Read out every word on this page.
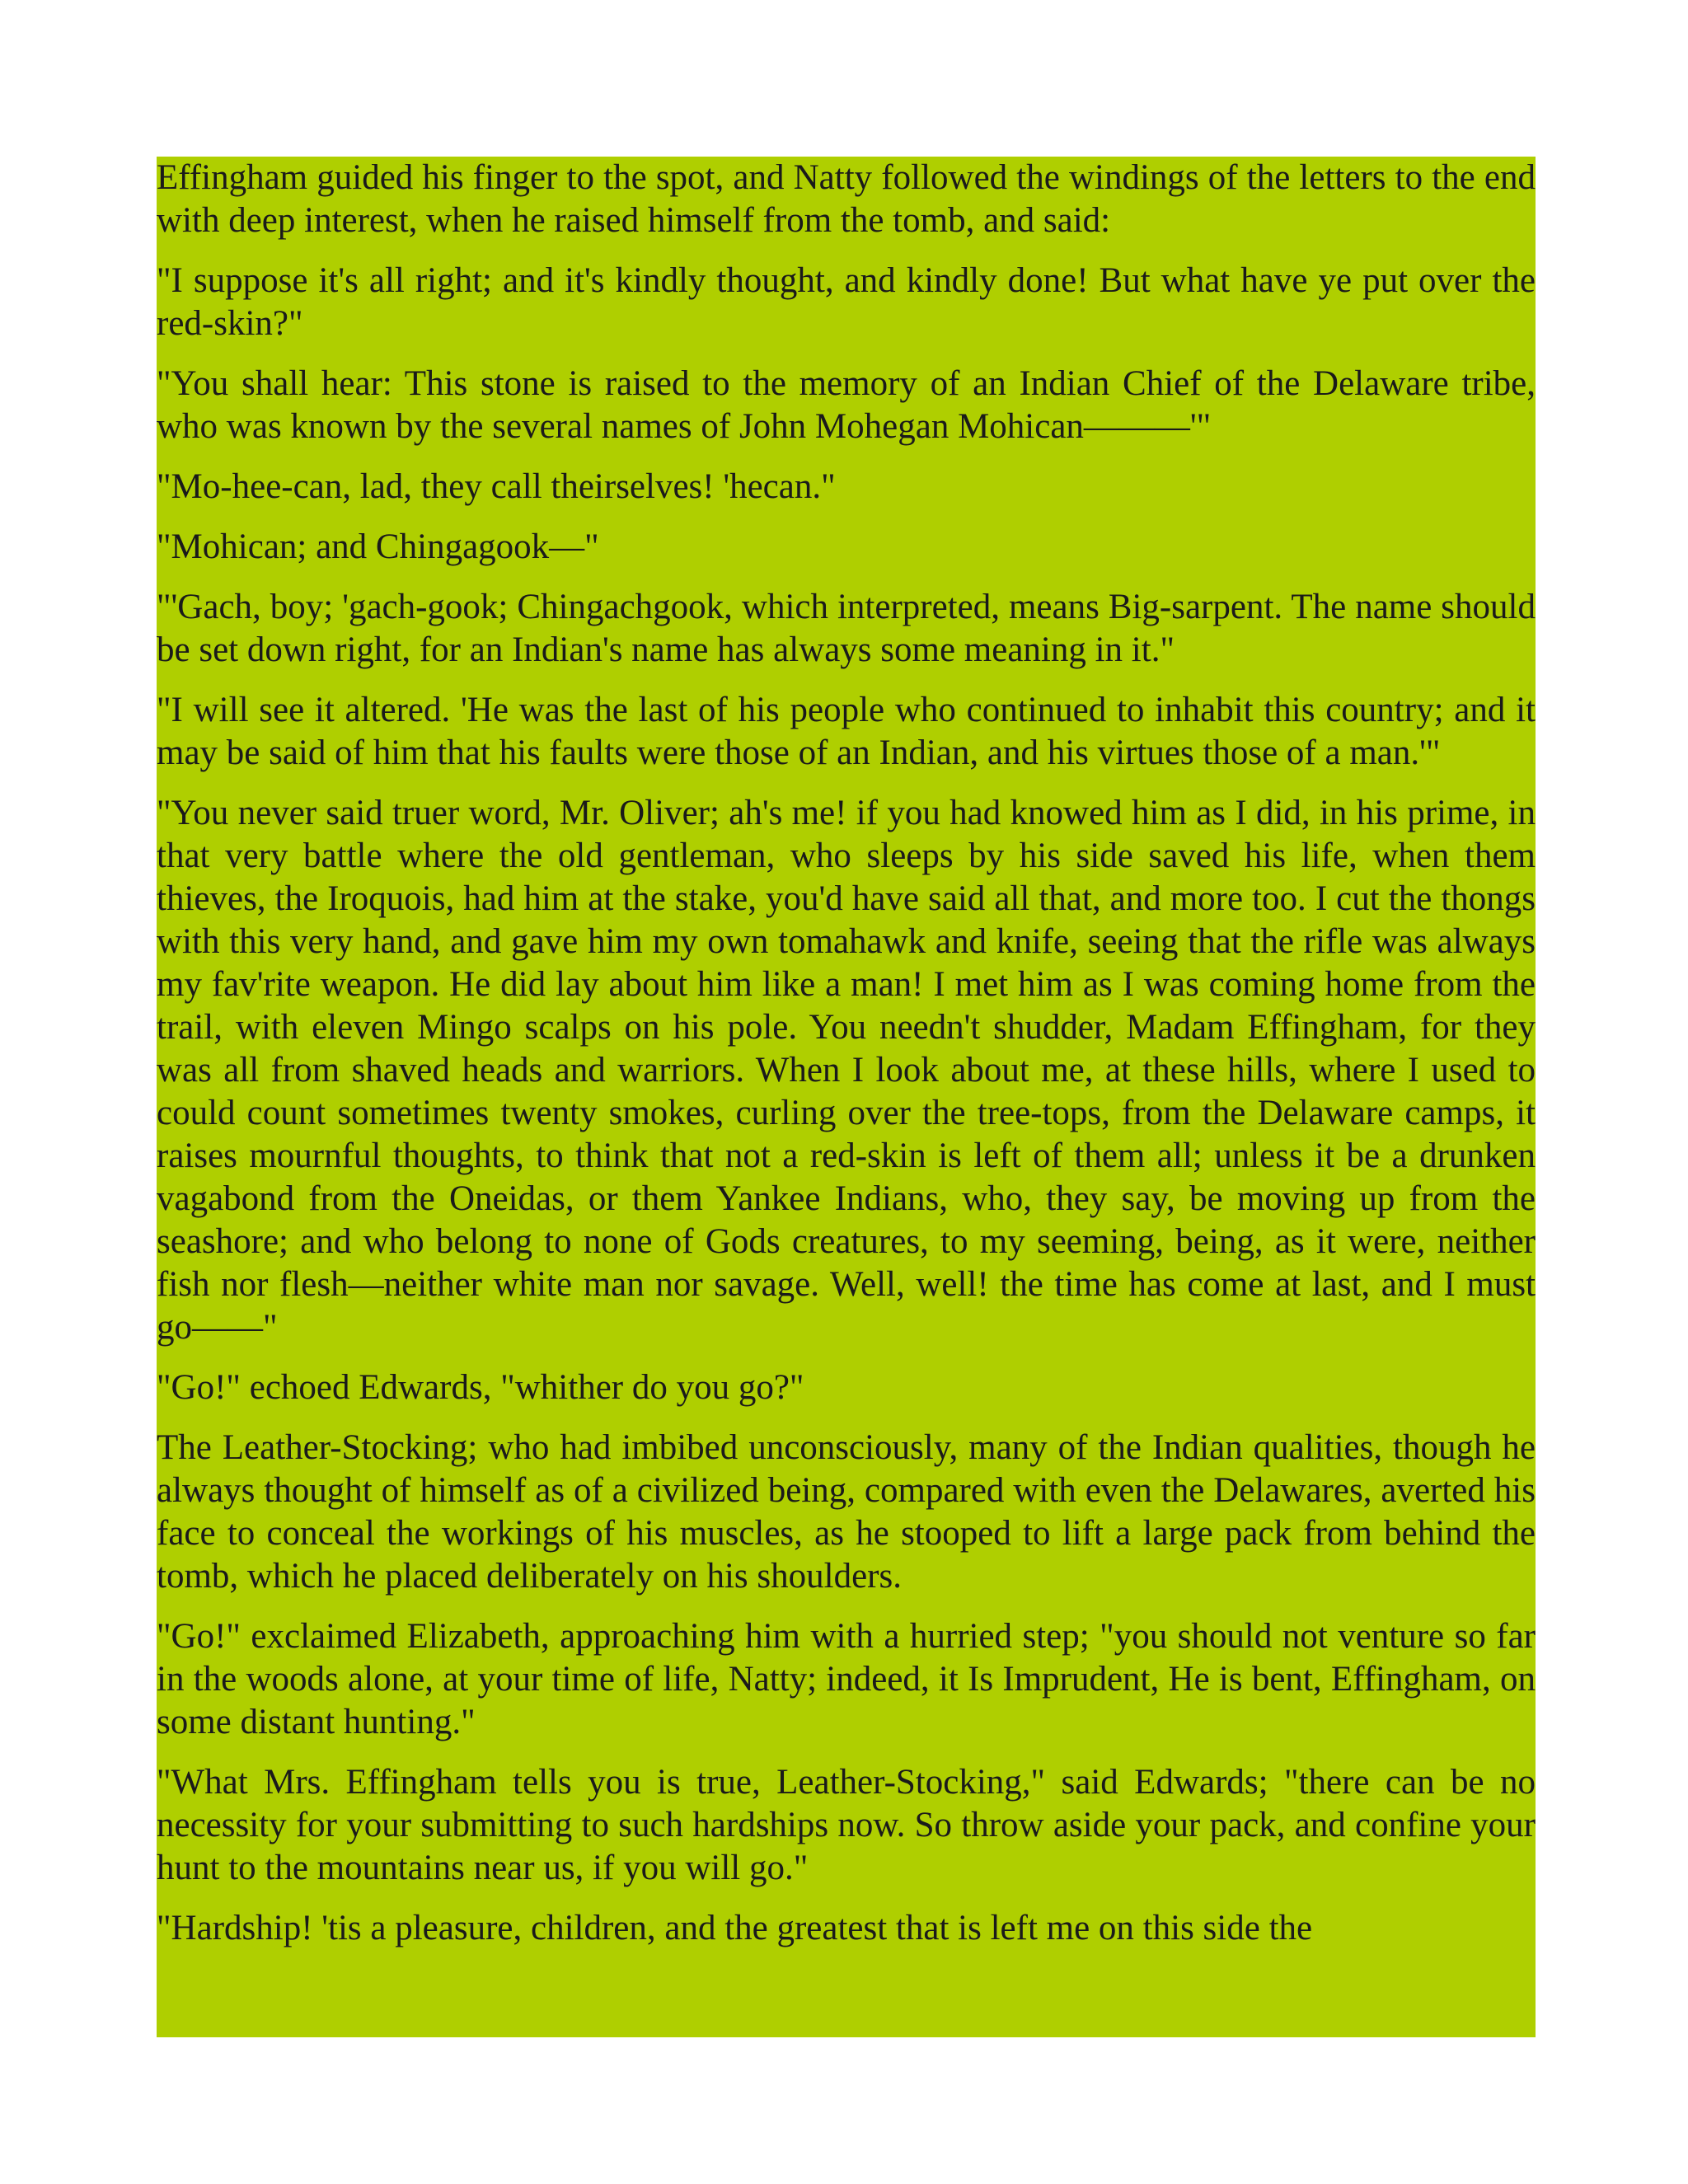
Effingham guided his finger to the spot, and Natty followed the windings of the letters to the end with deep interest, when he raised himself from the tomb, and said:

"I suppose it's all right; and it's kindly thought, and kindly done! But what have ye put over the red-skin?"

"You shall hear: This stone is raised to the memory of an Indian Chief of the Delaware tribe, who was known by the several names of John Mohegan Mohican———'"

"Mo-hee-can, lad, they call theirselves! 'hecan."

"Mohican; and Chingagook—"

"'Gach, boy; 'gach-gook; Chingachgook, which interpreted, means Big-sarpent. The name should be set down right, for an Indian's name has always some meaning in it."

"I will see it altered. 'He was the last of his people who continued to inhabit this country; and it may be said of him that his faults were those of an Indian, and his virtues those of a man.'"

"You never said truer word, Mr. Oliver; ah's me! if you had knowed him as I did, in his prime, in that very battle where the old gentleman, who sleeps by his side saved his life, when them thieves, the Iroquois, had him at the stake, you'd have said all that, and more too. I cut the thongs with this very hand, and gave him my own tomahawk and knife, seeing that the rifle was always my fav'rite weapon. He did lay about him like a man! I met him as I was coming home from the trail, with eleven Mingo scalps on his pole. You needn't shudder, Madam Effingham, for they was all from shaved heads and warriors. When I look about me, at these hills, where I used to could count sometimes twenty smokes, curling over the tree-tops, from the Delaware camps, it raises mournful thoughts, to think that not a red-skin is left of them all; unless it be a drunken vagabond from the Oneidas, or them Yankee Indians, who, they say, be moving up from the seashore; and who belong to none of Gods creatures, to my seeming, being, as it were, neither fish nor flesh—neither white man nor savage. Well, well! the time has come at last, and I must go——"

"Go!" echoed Edwards, "whither do you go?"

The Leather-Stocking; who had imbibed unconsciously, many of the Indian qualities, though he always thought of himself as of a civilized being, compared with even the Delawares, averted his face to conceal the workings of his muscles, as he stooped to lift a large pack from behind the tomb, which he placed deliberately on his shoulders.

"Go!" exclaimed Elizabeth, approaching him with a hurried step; "you should not venture so far in the woods alone, at your time of life, Natty; indeed, it Is Imprudent, He is bent, Effingham, on some distant hunting."

"What Mrs. Effingham tells you is true, Leather-Stocking," said Edwards; "there can be no necessity for your submitting to such hardships now. So throw aside your pack, and confine your hunt to the mountains near us, if you will go."

"Hardship! 'tis a pleasure, children, and the greatest that is left me on this side the
